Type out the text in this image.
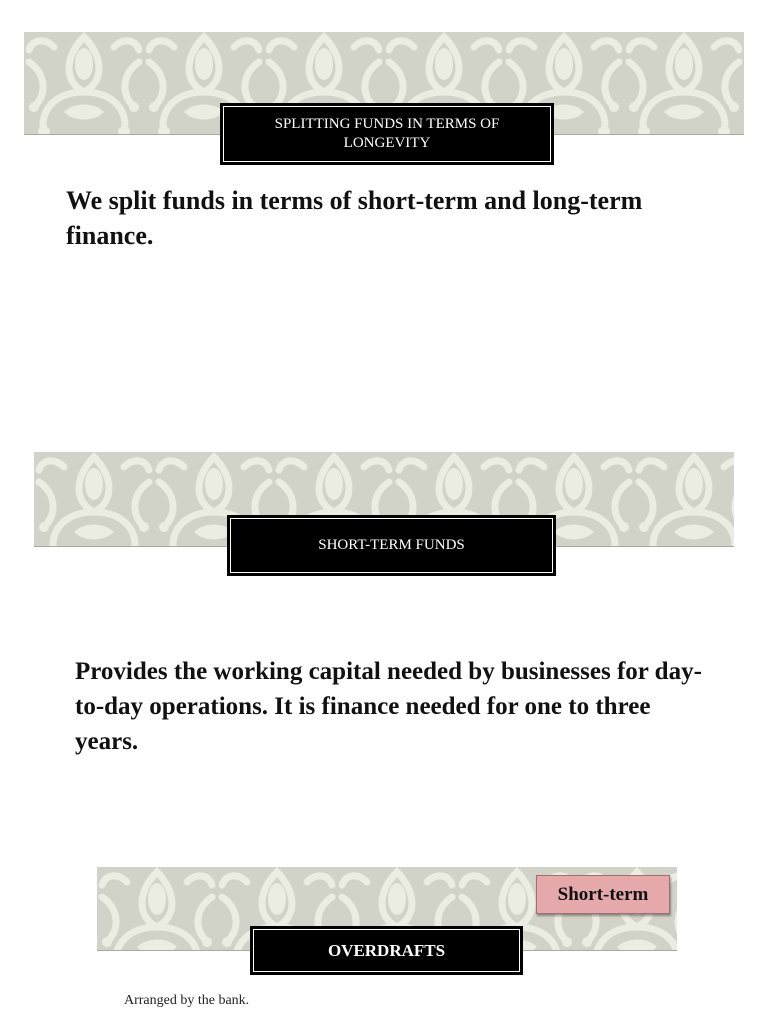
SPLITTING FUNDS IN TERMS OF
LONGEVITY
We split funds in terms of short-term and long-term finance.
SHORT-TERM FUNDS
Provides the working capital needed by businesses for day-to-day operations. It is finance needed for one to three years.
Short-term
OVERDRAFTS
Arranged by the bank.
